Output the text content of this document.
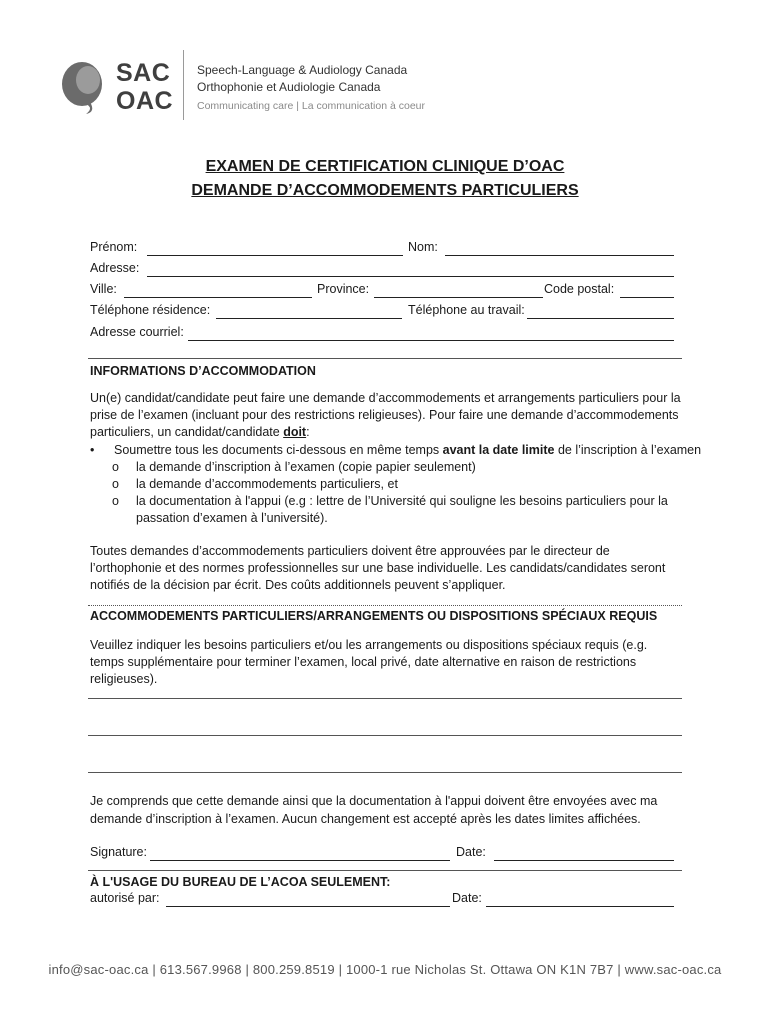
SAC
OAC
Speech-Language & Audiology Canada
Orthophonie et Audiologie Canada
Communicating care | La communication à coeur
EXAMEN DE CERTIFICATION CLINIQUE D’OAC
DEMANDE D’ACCOMMODEMENTS PARTICULIERS
Prénom:	Nom:
Adresse:
Ville:	Province:	Code postal:
Téléphone résidence:	Téléphone au travail:
Adresse courriel:
INFORMATIONS D’ACCOMMODATION
Un(e) candidat/candidate peut faire une demande d’accommodements et arrangements particuliers pour la prise de l’examen (incluant pour des restrictions religieuses). Pour faire une demande d’accommodements particuliers, un candidat/candidate doit:
• Soumettre tous les documents ci-dessous en même temps avant la date limite de l’inscription à l’examen
o la demande d’inscription à l’examen (copie papier seulement)
o la demande d’accommodements particuliers, et
o la documentation à l'appui (e.g : lettre de l’Université qui souligne les besoins particuliers pour la passation d’examen à l’université).
Toutes demandes d’accommodements particuliers doivent être approuvées par le directeur de l’orthophonie et des normes professionnelles sur une base individuelle. Les candidats/candidates seront notifiés de la décision par écrit. Des coûts additionnels peuvent s’appliquer.
ACCOMMODEMENTS PARTICULIERS/ARRANGEMENTS OU DISPOSITIONS SPÉCIAUX REQUIS
Veuillez indiquer les besoins particuliers et/ou les arrangements ou dispositions spéciaux requis (e.g. temps supplémentaire pour terminer l’examen, local privé, date alternative en raison de restrictions religieuses).
Je comprends que cette demande ainsi que la documentation à l'appui doivent être envoyées avec ma demande d’inscription à l’examen. Aucun changement est accepté après les dates limites affichées.
Signature:	Date:
À L'USAGE DU BUREAU DE L’ACOA SEULEMENT:
autorisé par:	Date:
info@sac-oac.ca | 613.567.9968 | 800.259.8519 | 1000-1 rue Nicholas St. Ottawa ON K1N 7B7 | www.sac-oac.ca
